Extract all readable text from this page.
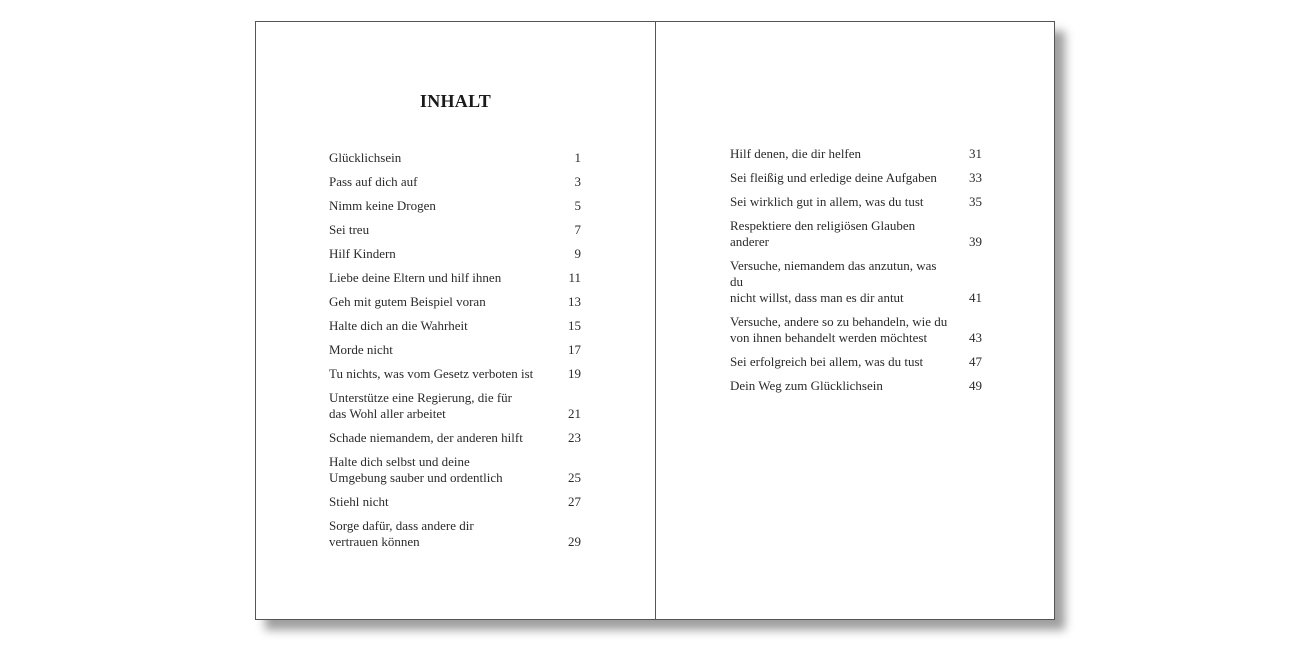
INHALT
Glücklichsein	1
Pass auf dich auf	3
Nimm keine Drogen	5
Sei treu	7
Hilf Kindern	9
Liebe deine Eltern und hilf ihnen	11
Geh mit gutem Beispiel voran	13
Halte dich an die Wahrheit	15
Morde nicht	17
Tu nichts, was vom Gesetz verboten ist	19
Unterstütze eine Regierung, die für
das Wohl aller arbeitet	21
Schade niemandem, der anderen hilft	23
Halte dich selbst und deine
Umgebung sauber und ordentlich	25
Stiehl nicht	27
Sorge dafür, dass andere dir
vertrauen können	29
Hilf denen, die dir helfen	31
Sei fleißig und erledige deine Aufgaben	33
Sei wirklich gut in allem, was du tust	35
Respektiere den religiösen Glauben
anderer	39
Versuche, niemandem das anzutun, was du
nicht willst, dass man es dir antut	41
Versuche, andere so zu behandeln, wie du
von ihnen behandelt werden möchtest	43
Sei erfolgreich bei allem, was du tust	47
Dein Weg zum Glücklichsein	49
